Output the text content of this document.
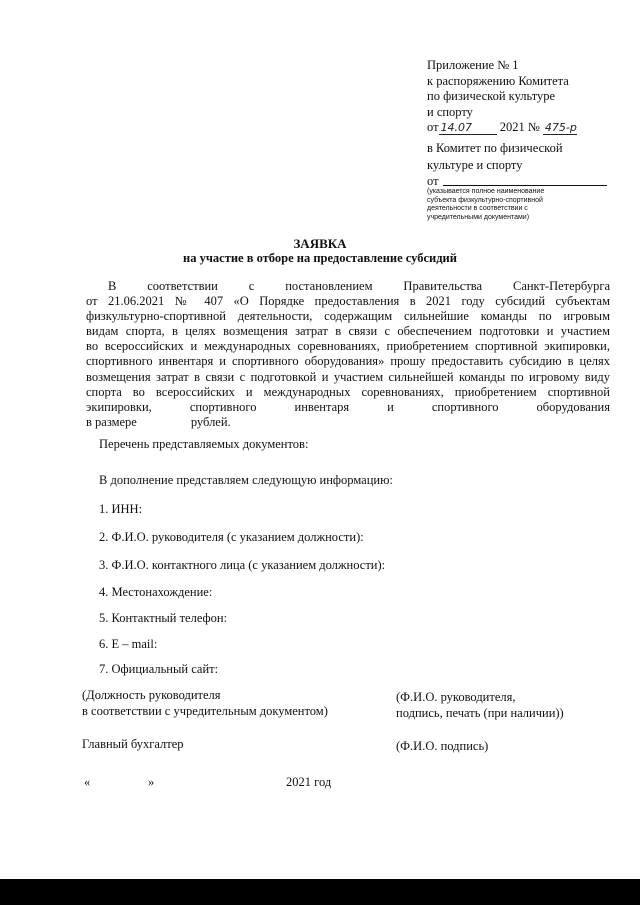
Приложение № 1
к распоряжению Комитета
по физической культуре
и спорту
от 14.07 2021 № 475-р
в Комитет по физической
культуре и спорту
от
(указывается полное наименование
субъекта физкультурно-спортивной
деятельности в соответствии с
учредительными документами)
ЗАЯВКА
на участие в отборе на предоставление субсидий
В соответствии с постановлением Правительства Санкт-Петербурга
от 21.06.2021 № 407 «О Порядке предоставления в 2021 году субсидий субъектам
физкультурно-спортивной деятельности, содержащим сильнейшие команды по игровым
видам спорта, в целях возмещения затрат в связи с обеспечением подготовки и участием
во всероссийских и международных соревнованиях, приобретением спортивной экипировки,
спортивного инвентаря и спортивного оборудования» прошу предоставить субсидию в целях
возмещения затрат в связи с подготовкой и участием сильнейшей команды по игровому виду
спорта во всероссийских и международных соревнованиях, приобретением спортивной
экипировки, спортивного инвентаря и спортивного оборудования
в размере	рублей.
Перечень представляемых документов:
В дополнение представляем следующую информацию:
1. ИНН:
2. Ф.И.О. руководителя (с указанием должности):
3. Ф.И.О. контактного лица (с указанием должности):
4. Местонахождение:
5. Контактный телефон:
6. E – mail:
7. Официальный сайт:
(Должность руководителя
в соответствии с учредительным документом)
(Ф.И.О. руководителя,
подпись, печать (при наличии))
Главный бухгалтер	(Ф.И.О. подпись)
«	»	2021 год
